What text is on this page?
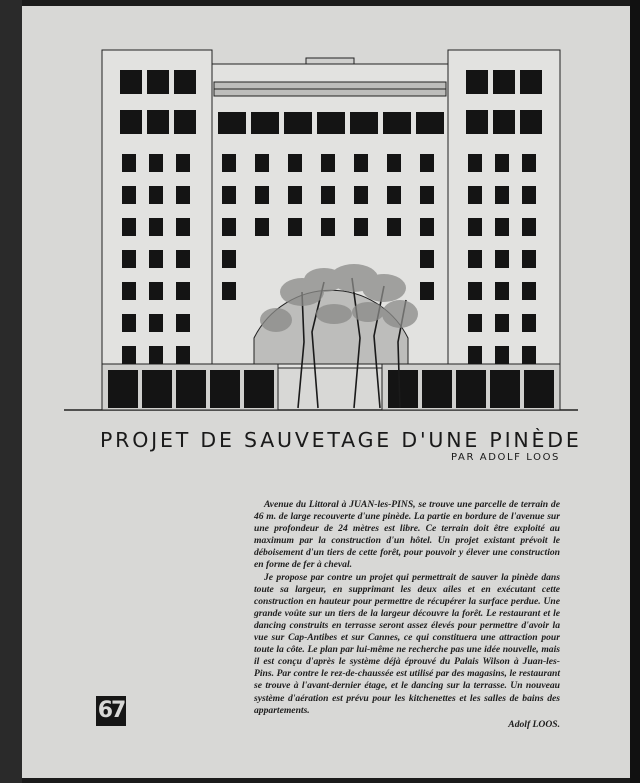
PROJET DE SAUVETAGE D'UNE PINÈDE
PAR ADOLF LOOS

Avenue du Littoral à JUAN-les-PINS, se trouve une parcelle de terrain de 46 m. de large recouverte d'une pinède. La partie en bordure de l'avenue sur une profondeur de 24 mètres est libre. Ce terrain doit être exploité au maximum par la construction d'un hôtel. Un projet existant prévoit le déboisement d'un tiers de cette forêt, pour pouvoir y élever une construction en forme de fer à cheval.

Je propose par contre un projet qui permettrait de sauver la pinède dans toute sa largeur, en supprimant les deux ailes et en exécutant cette construction en hauteur pour permettre de récupérer la surface perdue. Une grande voûte sur un tiers de la largeur découvre la forêt. Le restaurant et le dancing construits en terrasse seront assez élevés pour permettre d'avoir la vue sur Cap-Antibes et sur Cannes, ce qui constituera une attraction pour toute la côte. Le plan par lui-même ne recherche pas une idée nouvelle, mais il est conçu d'après le système déjà éprouvé du Palais Wilson à Juan-les-Pins. Par contre le rez-de-chaussée est utilisé par des magasins, le restaurant se trouve à l'avant-dernier étage, et le dancing sur la terrasse. Un nouveau système d'aération est prévu pour les kitchenettes et les salles de bains des appartements.

Adolf LOOS.
67
